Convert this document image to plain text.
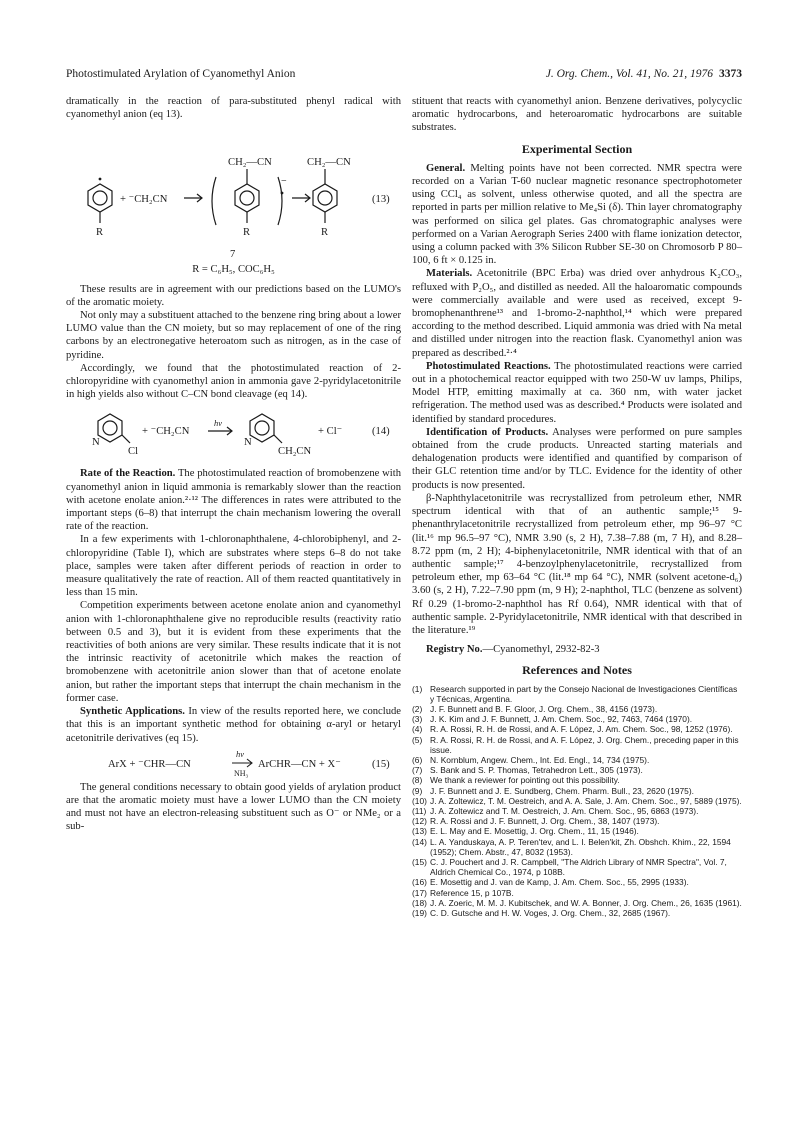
Photostimulated Arylation of Cyanomethyl Anion	J. Org. Chem., Vol. 41, No. 21, 1976 3373

dramatically in the reaction of para-substituted phenyl radical with cyanomethyl anion (eq 13).

−
+ ⁻CH₂CN
CH₂—CN	CH₂—CN
R	R	R
(13)
7
R = C₆H₅, COC₆H₅

These results are in agreement with our predictions based on the LUMO's of the aromatic moiety.

Not only may a substituent attached to the benzene ring bring about a lower LUMO value than the CN moiety, but so may replacement of one of the ring carbons by an electronegative heteroatom such as nitrogen, as in the case of pyridine.

Accordingly, we found that the photostimulated reaction of 2-chloropyridine with cyanomethyl anion in ammonia gave 2-pyridylacetonitrile in high yields also without C–CN bond cleavage (eq 14).

N
Cl
+ ⁻CH₂CN
hν
N
CH₂CN
+ Cl⁻	(14)

Rate of the Reaction. The photostimulated reaction of bromobenzene with cyanomethyl anion in liquid ammonia is remarkably slower than the reaction with acetone enolate anion.²·¹² The differences in rates were attributed to the important steps (6–8) that interrupt the chain mechanism lowering the overall rate of the reaction.

In a few experiments with 1-chloronaphthalene, 4-chlorobiphenyl, and 2-chloropyridine (Table I), which are substrates where steps 6–8 do not take place, samples were taken after different periods of reaction in order to measure qualitatively the rate of reaction. All of them reacted quantitatively in less than 15 min.

Competition experiments between acetone enolate anion and cyanomethyl anion with 1-chloronaphthalene give no reproducible results (reactivity ratio between 0.5 and 3), but it is evident from these experiments that the reactivities of both anions are very similar. These results indicate that it is not the intrinsic reactivity of acetonitrile which makes the reaction of bromobenzene with acetonitrile anion slower than that of acetone enolate anion, but rather the important steps that interrupt the chain mechanism in the former case.

Synthetic Applications. In view of the results reported here, we conclude that this is an important synthetic method for obtaining α-aryl or hetaryl acetonitrile derivatives (eq 15).

ArX + ⁻CHR—CN
hν
NH₃
ArCHR—CN + X⁻	(15)

The general conditions necessary to obtain good yields of arylation product are that the aromatic moiety must have a lower LUMO than the CN moiety and must not have an electron-releasing substituent such as O⁻ or NMe₂ or a sub-

stituent that reacts with cyanomethyl anion. Benzene derivatives, polycyclic aromatic hydrocarbons, and heteroaromatic hydrocarbons are suitable substrates.

Experimental Section

General. Melting points have not been corrected. NMR spectra were recorded on a Varian T-60 nuclear magnetic resonance spectrophotometer using CCl₄ as solvent, unless otherwise quoted, and all the spectra are reported in parts per million relative to Me₄Si (δ). Thin layer chromatography was performed on silica gel plates. Gas chromatographic analyses were performed on a Varian Aerograph Series 2400 with flame ionization detector, using a column packed with 3% Silicon Rubber SE-30 on Chromosorb P 80–100, 6 ft × 0.125 in.

Materials. Acetonitrile (BPC Erba) was dried over anhydrous K₂CO₃, refluxed with P₂O₅, and distilled as needed. All the haloaromatic compounds were commercially available and were used as received, except 9-bromophenanthrene¹³ and 1-bromo-2-naphthol,¹⁴ which were prepared according to the method described. Liquid ammonia was dried with Na metal and distilled under nitrogen into the reaction flask. Cyanomethyl anion was prepared as described.²·⁴

Photostimulated Reactions. The photostimulated reactions were carried out in a photochemical reactor equipped with two 250-W uv lamps, Philips, Model HTP, emitting maximally at ca. 360 nm, with water jacket refrigeration. The method used was as described.⁴ Products were isolated and identified by standard procedures.

Identification of Products. Analyses were performed on pure samples obtained from the crude products. Unreacted starting materials and dehalogenation products were identified and quantified by comparison of their GLC retention time and/or by TLC. Evidence for the identity of other products is now presented.

β-Naphthylacetonitrile was recrystallized from petroleum ether, NMR spectrum identical with that of an authentic sample;¹⁵ 9-phenanthrylacetonitrile recrystallized from petroleum ether, mp 96–97 °C (lit.¹⁶ mp 96.5–97 °C), NMR 3.90 (s, 2 H), 7.38–7.88 (m, 7 H), and 8.28–8.72 ppm (m, 2 H); 4-biphenylacetonitrile, NMR identical with that of an authentic sample;¹⁷ 4-benzoylphenylacetonitrile, recrystallized from petroleum ether, mp 63–64 °C (lit.¹⁸ mp 64 °C), NMR (solvent acetone-d₆) 3.60 (s, 2 H), 7.22–7.90 ppm (m, 9 H); 2-naphthol, TLC (benzene as solvent) Rf 0.29 (1-bromo-2-naphthol has Rf 0.64), NMR identical with that of authentic sample. 2-Pyridylacetonitrile, NMR identical with that described in the literature.¹⁹

Registry No.—Cyanomethyl, 2932-82-3

References and Notes
(1) Research supported in part by the Consejo Nacional de Investigaciones Científicas y Técnicas, Argentina.
(2) J. F. Bunnett and B. F. Gloor, J. Org. Chem., 38, 4156 (1973).
(3) J. K. Kim and J. F. Bunnett, J. Am. Chem. Soc., 92, 7463, 7464 (1970).
(4) R. A. Rossi, R. H. de Rossi, and A. F. López, J. Am. Chem. Soc., 98, 1252 (1976).
(5) R. A. Rossi, R. H. de Rossi, and A. F. López, J. Org. Chem., preceding paper in this issue.
(6) N. Kornblum, Angew. Chem., Int. Ed. Engl., 14, 734 (1975).
(7) S. Bank and S. P. Thomas, Tetrahedron Lett., 305 (1973).
(8) We thank a reviewer for pointing out this possibility.
(9) J. F. Bunnett and J. E. Sundberg, Chem. Pharm. Bull., 23, 2620 (1975).
(10) J. A. Zoltewicz, T. M. Oestreich, and A. A. Sale, J. Am. Chem. Soc., 97, 5889 (1975).
(11) J. A. Zoltewicz and T. M. Oestreich, J. Am. Chem. Soc., 95, 6863 (1973).
(12) R. A. Rossi and J. F. Bunnett, J. Org. Chem., 38, 1407 (1973).
(13) E. L. May and E. Mosettig, J. Org. Chem., 11, 15 (1946).
(14) L. A. Yanduskaya, A. P. Teren'tev, and L. I. Belen'kit, Zh. Obshch. Khim., 22, 1594 (1952); Chem. Abstr., 47, 8032 (1953).
(15) C. J. Pouchert and J. R. Campbell, "The Aldrich Library of NMR Spectra", Vol. 7, Aldrich Chemical Co., 1974, p 108B.
(16) E. Mosettig and J. van de Kamp, J. Am. Chem. Soc., 55, 2995 (1933).
(17) Reference 15, p 107B.
(18) J. A. Zoeric, M. M. J. Kubitschek, and W. A. Bonner, J. Org. Chem., 26, 1635 (1961).
(19) C. D. Gutsche and H. W. Voges, J. Org. Chem., 32, 2685 (1967).
